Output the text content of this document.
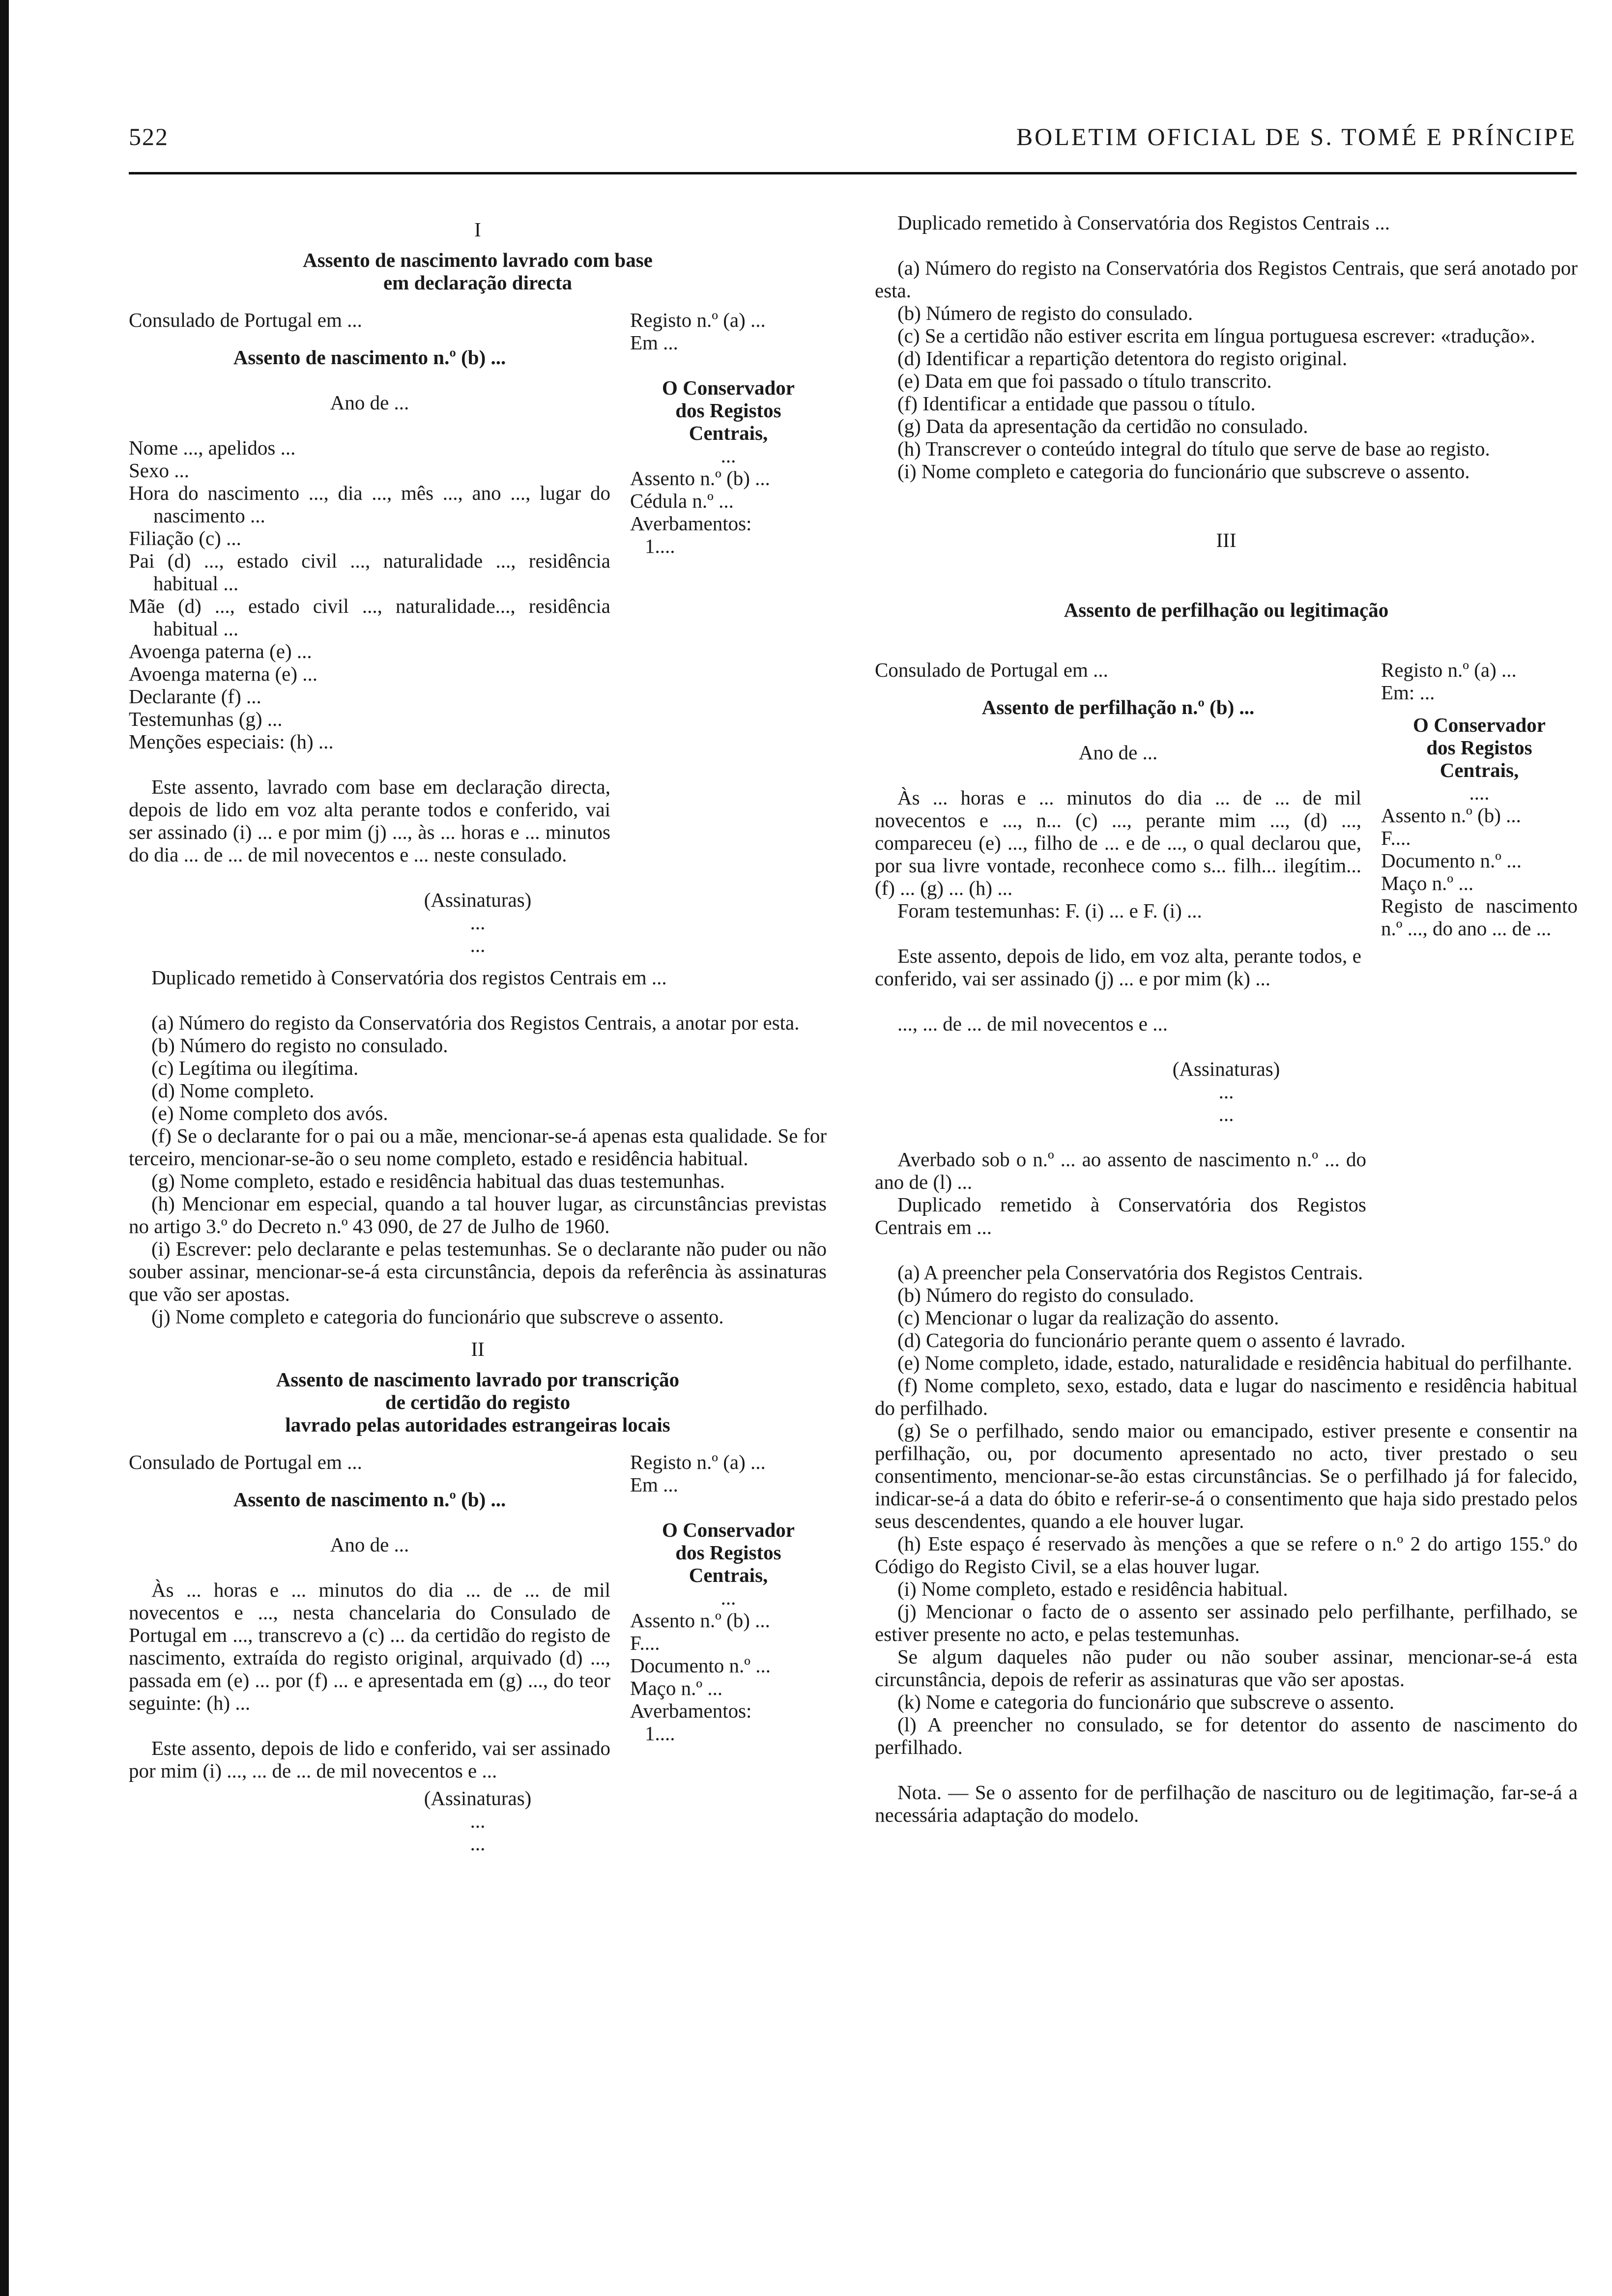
522	BOLETIM OFICIAL DE S. TOMÉ E PRÍNCIPE

I

Assento de nascimento lavrado com base

em declaração directa

Consulado de Portugal em ...

Assento de nascimento n.º (b) ...

Ano de ...

Nome ..., apelidos ...

Sexo ...

Hora do nascimento ..., dia ..., mês ..., ano ..., lugar do nascimento ...

Filiação (c) ...

Pai (d) ..., estado civil ..., naturalidade ..., residência habitual ...

Mãe (d) ..., estado civil ..., naturalidade..., residência habitual ...

Avoenga paterna (e) ...

Avoenga materna (e) ...

Declarante (f) ...

Testemunhas (g) ...

Menções especiais: (h) ...

Este assento, lavrado com base em declaração directa, depois de lido em voz alta perante todos e conferido, vai ser assinado (i) ... e por mim (j) ..., às ... horas e ... minutos do dia ... de ... de mil novecentos e ... neste consulado.

Registo n.º (a) ...

Em ...

O Conservador

dos Registos

Centrais,

...

Assento n.º (b) ...

Cédula n.º ...

Averbamentos:

1....

(Assinaturas)

...

...

Duplicado remetido à Conservatória dos registos Centrais em ...

(a) Número do registo da Conservatória dos Registos Centrais, a anotar por esta.

(b) Número do registo no consulado.

(c) Legítima ou ilegítima.

(d) Nome completo.

(e) Nome completo dos avós.

(f) Se o declarante for o pai ou a mãe, mencionar-se-á apenas esta qualidade. Se for terceiro, mencionar-se-ão o seu nome completo, estado e residência habitual.

(g) Nome completo, estado e residência habitual das duas testemunhas.

(h) Mencionar em especial, quando a tal houver lugar, as circunstâncias previstas no artigo 3.º do Decreto n.º 43 090, de 27 de Julho de 1960.

(i) Escrever: pelo declarante e pelas testemunhas. Se o declarante não puder ou não souber assinar, mencionar-se-á esta circunstância, depois da referência às assinaturas que vão ser apostas.

(j) Nome completo e categoria do funcionário que subscreve o assento.

II

Assento de nascimento lavrado por transcrição

de certidão do registo

lavrado pelas autoridades estrangeiras locais

Consulado de Portugal em ...

Assento de nascimento n.º (b) ...

Ano de ...

Às ... horas e ... minutos do dia ... de ... de mil novecentos e ..., nesta chancelaria do Consulado de Portugal em ..., transcrevo a (c) ... da certidão do registo de nascimento, extraída do registo original, arquivado (d) ..., passada em (e) ... por (f) ... e apresentada em (g) ..., do teor seguinte: (h) ...

Este assento, depois de lido e conferido, vai ser assinado por mim (i) ..., ... de ... de mil novecentos e ...

Registo n.º (a) ...

Em ...

O Conservador

dos Registos

Centrais,

...

Assento n.º (b) ...

F....

Documento n.º ...

Maço n.º ...

Averbamentos:

1....

(Assinaturas)

...

...

Duplicado remetido à Conservatória dos Registos Centrais ...

(a) Número do registo na Conservatória dos Registos Centrais, que será anotado por esta.

(b) Número de registo do consulado.

(c) Se a certidão não estiver escrita em língua portuguesa escrever: «tradução».

(d) Identificar a repartição detentora do registo original.

(e) Data em que foi passado o título transcrito.

(f) Identificar a entidade que passou o título.

(g) Data da apresentação da certidão no consulado.

(h) Transcrever o conteúdo integral do título que serve de base ao registo.

(i) Nome completo e categoria do funcionário que subscreve o assento.

III

Assento de perfilhação ou legitimação

Consulado de Portugal em ...

Assento de perfilhação n.º (b) ...

Ano de ...

Às ... horas e ... minutos do dia ... de ... de mil novecentos e ..., n... (c) ..., perante mim ..., (d) ..., compareceu (e) ..., filho de ... e de ..., o qual declarou que, por sua livre vontade, reconhece como s... filh... ilegítim... (f) ... (g) ... (h) ...

Foram testemunhas: F. (i) ... e F. (i) ...

Este assento, depois de lido, em voz alta, perante todos, e conferido, vai ser assinado (j) ... e por mim (k) ...

..., ... de ... de mil novecentos e ...

Registo n.º (a) ...

Em: ...

O Conservador

dos Registos

Centrais,

....

Assento n.º (b) ...

F....

Documento n.º ...

Maço n.º ...

Registo de nascimento n.º ..., do ano ... de ...

(Assinaturas)

...

...

Averbado sob o n.º ... ao assento de nascimento n.º ... do ano de (l) ...

Duplicado remetido à Conservatória dos Registos Centrais em ...

(a) A preencher pela Conservatória dos Registos Centrais.

(b) Número do registo do consulado.

(c) Mencionar o lugar da realização do assento.

(d) Categoria do funcionário perante quem o assento é lavrado.

(e) Nome completo, idade, estado, naturalidade e residência habitual do perfilhante.

(f) Nome completo, sexo, estado, data e lugar do nascimento e residência habitual do perfilhado.

(g) Se o perfilhado, sendo maior ou emancipado, estiver presente e consentir na perfilhação, ou, por documento apresentado no acto, tiver prestado o seu consentimento, mencionar-se-ão estas circunstâncias. Se o perfilhado já for falecido, indicar-se-á a data do óbito e referir-se-á o consentimento que haja sido prestado pelos seus descendentes, quando a ele houver lugar.

(h) Este espaço é reservado às menções a que se refere o n.º 2 do artigo 155.º do Código do Registo Civil, se a elas houver lugar.

(i) Nome completo, estado e residência habitual.

(j) Mencionar o facto de o assento ser assinado pelo perfilhante, perfilhado, se estiver presente no acto, e pelas testemunhas.

Se algum daqueles não puder ou não souber assinar, mencionar-se-á esta circunstância, depois de referir as assinaturas que vão ser apostas.

(k) Nome e categoria do funcionário que subscreve o assento.

(l) A preencher no consulado, se for detentor do assento de nascimento do perfilhado.

Nota. — Se o assento for de perfilhação de nascituro ou de legitimação, far-se-á a necessária adaptação do modelo.
